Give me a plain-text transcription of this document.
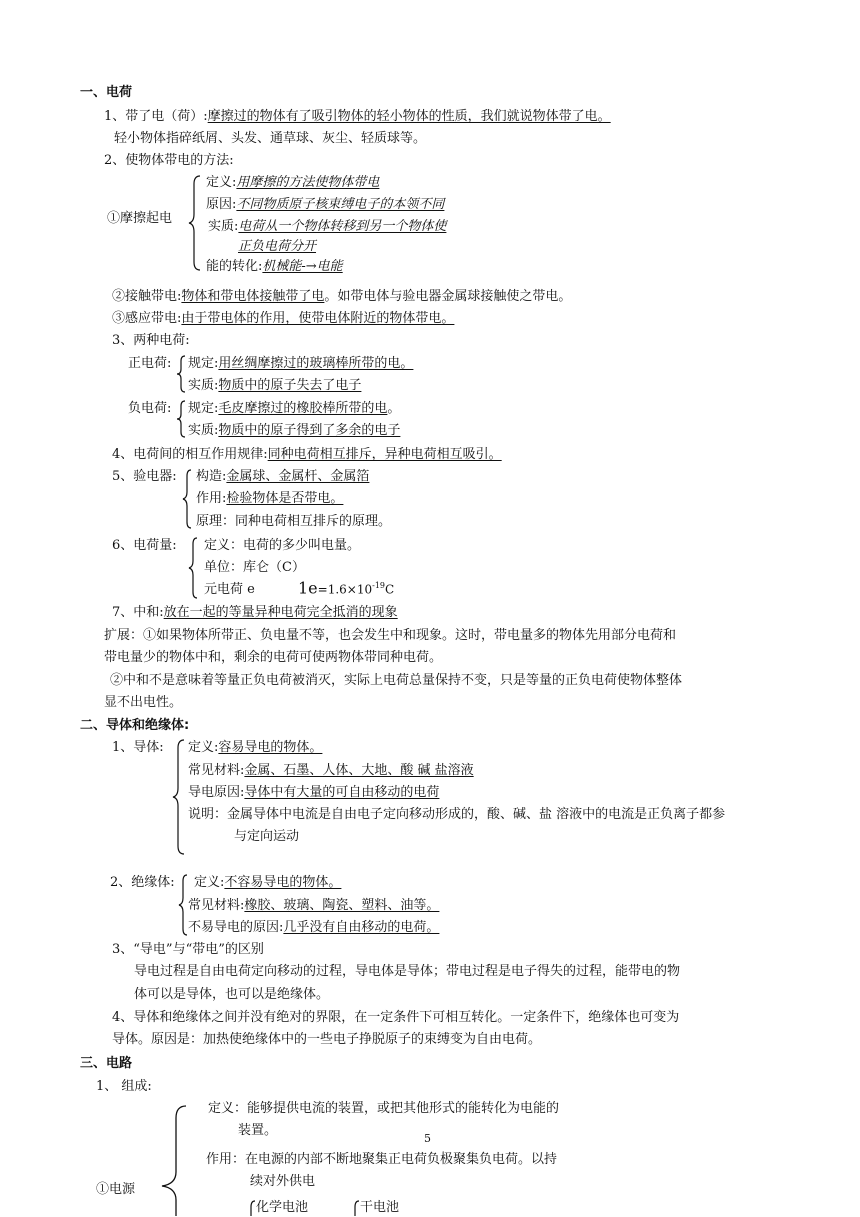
一、电荷
1、带了电（荷）:摩擦过的物体有了吸引物体的轻小物体的性质，我们就说物体带了电。
轻小物体指碎纸屑、头发、通草球、灰尘、轻质球等。
2、使物体带电的方法:
①摩擦起电
定义:用摩擦的方法使物体带电
原因:不同物质原子核束缚电子的本领不同
实质:电荷从一个物体转移到另一个物体使
正负电荷分开
能的转化:机械能-→电能
②接触带电:物体和带电体接触带了电。如带电体与验电器金属球接触使之带电。
③感应带电:由于带电体的作用，使带电体附近的物体带电。
3、两种电荷:
正电荷: 规定:用丝绸摩擦过的玻璃棒所带的电。
实质:物质中的原子失去了电子
负电荷: 规定:毛皮摩擦过的橡胶棒所带的电。
实质:物质中的原子得到了多余的电子
4、电荷间的相互作用规律:同种电荷相互排斥，异种电荷相互吸引。
5、验电器: 构造:金属球、金属杆、金属箔
作用:检验物体是否带电。
原理：同种电荷相互排斥的原理。
6、电荷量: 定义：电荷的多少叫电量。
单位：库仑（C）
元电荷 e	$1e=1.6\times 10^{-19}C$
7、中和:放在一起的等量异种电荷完全抵消的现象
扩展：①如果物体所带正、负电量不等，也会发生中和现象。这时，带电量多的物体先用部分电荷和
带电量少的物体中和，剩余的电荷可使两物体带同种电荷。
②中和不是意味着等量正负电荷被消灭，实际上电荷总量保持不变，只是等量的正负电荷使物体整体
显不出电性。
二、导体和绝缘体:
1、导体: 定义:容易导电的物体。
常见材料:金属、石墨、人体、大地、酸 碱 盐溶液
导电原因:导体中有大量的可自由移动的电荷
说明：金属导体中电流是自由电子定向移动形成的，酸、碱、盐 溶液中的电流是正负离子都参
与定向运动
2、绝缘体: 定义:不容易导电的物体。
常见材料:橡胶、玻璃、陶瓷、塑料、油等。
不易导电的原因:几乎没有自由移动的电荷。
3、“导电”与“带电”的区别
导电过程是自由电荷定向移动的过程，导电体是导体；带电过程是电子得失的过程，能带电的物
体可以是导体，也可以是绝缘体。
4、导体和绝缘体之间并没有绝对的界限，在一定条件下可相互转化。一定条件下，绝缘体也可变为
导体。原因是：加热使绝缘体中的一些电子挣脱原子的束缚变为自由电荷。
三、电路
1、 组成:
定义：能够提供电流的装置，或把其他形式的能转化为电能的
装置。
5
作用：在电源的内部不断地聚集正电荷负极聚集负电荷。以持
续对外供电
①电源
化学电池	干电池
